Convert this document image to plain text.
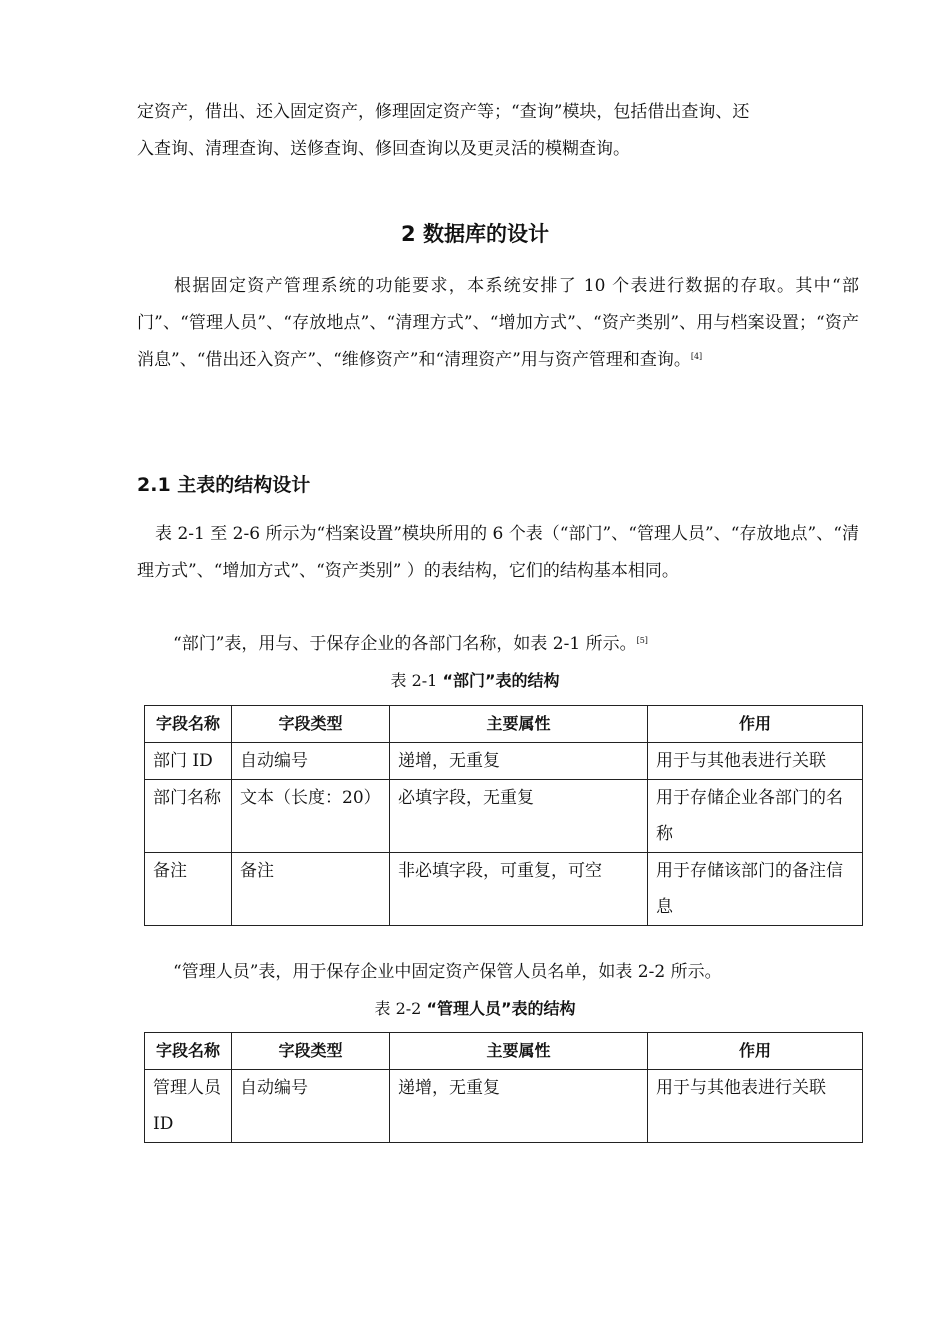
定资产，借出、还入固定资产，修理固定资产等；“查询”模块，包括借出查询、还
入查询、清理查询、送修查询、修回查询以及更灵活的模糊查询。

2 数据库的设计

根据固定资产管理系统的功能要求，本系统安排了 10 个表进行数据的存取。其中“部门”、“管理人员”、“存放地点”、“清理方式”、“增加方式”、“资产类别”、用与档案设置；“资产消息”、“借出还入资产”、“维修资产”和“清理资产”用与资产管理和查询。[4]

2.1 主表的结构设计

表 2-1 至 2-6 所示为“档案设置”模块所用的 6 个表（“部门”、“管理人员”、“存放地点”、“清理方式”、“增加方式”、“资产类别” ）的表结构，它们的结构基本相同。

“部门”表，用与、于保存企业的各部门名称，如表 2-1 所示。[5]

表 2-1 “部门”表的结构

字段名称	字段类型	主要属性	作用
部门 ID	自动编号	递增，无重复	用于与其他表进行关联
部门名称	文本（长度：20）	必填字段，无重复	用于存储企业各部门的名称
备注	备注	非必填字段，可重复，可空	用于存储该部门的备注信息

“管理人员”表，用于保存企业中固定资产保管人员名单，如表 2-2 所示。

表 2-2 “管理人员”表的结构

字段名称	字段类型	主要属性	作用
管理人员 ID	自动编号	递增，无重复	用于与其他表进行关联
